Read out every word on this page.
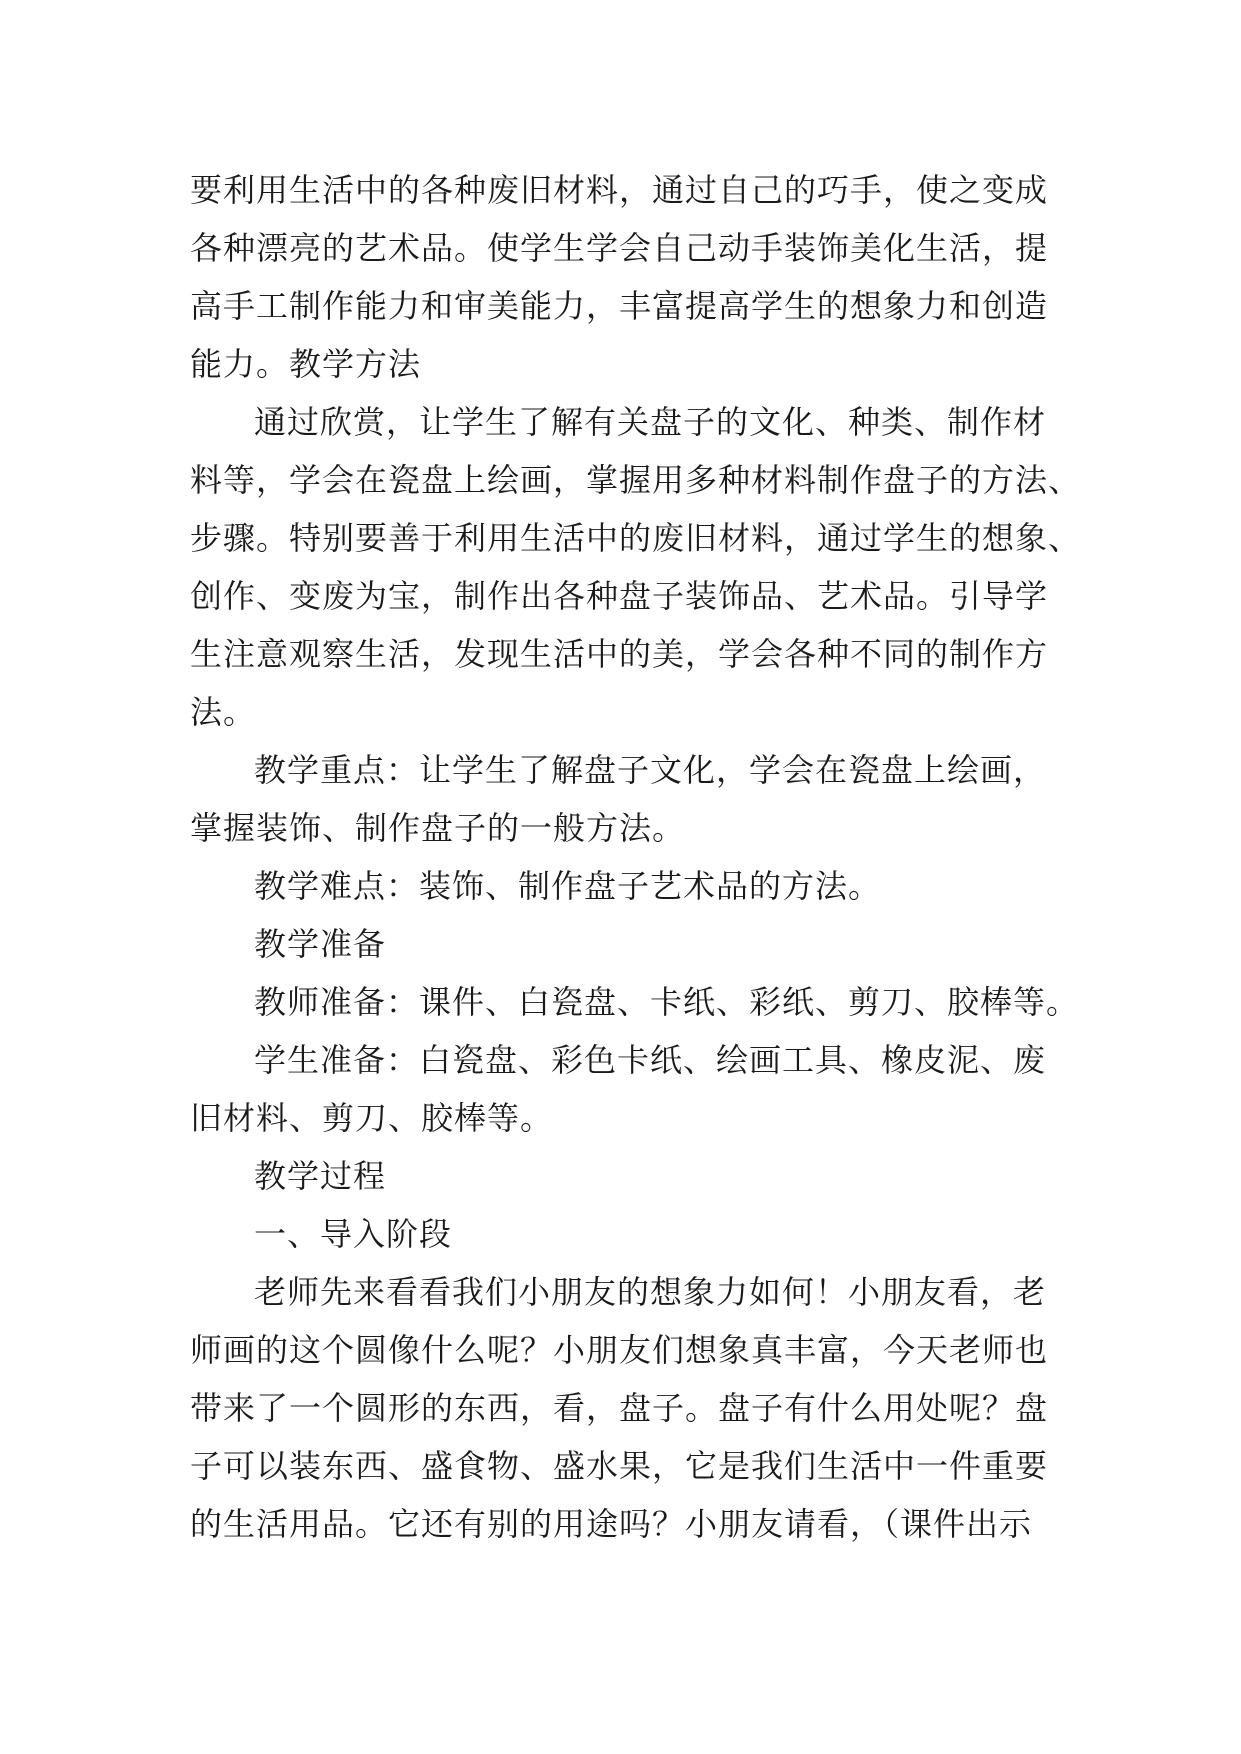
要利用生活中的各种废旧材料，通过自己的巧手，使之变成
各种漂亮的艺术品。使学生学会自己动手装饰美化生活，提
高手工制作能力和审美能力，丰富提高学生的想象力和创造
能力。教学方法
通过欣赏，让学生了解有关盘子的文化、种类、制作材
料等，学会在瓷盘上绘画，掌握用多种材料制作盘子的方法、
步骤。特别要善于利用生活中的废旧材料，通过学生的想象、
创作、变废为宝，制作出各种盘子装饰品、艺术品。引导学
生注意观察生活，发现生活中的美，学会各种不同的制作方
法。
教学重点：让学生了解盘子文化，学会在瓷盘上绘画，
掌握装饰、制作盘子的一般方法。
教学难点：装饰、制作盘子艺术品的方法。
教学准备
教师准备：课件、白瓷盘、卡纸、彩纸、剪刀、胶棒等。
学生准备：白瓷盘、彩色卡纸、绘画工具、橡皮泥、废
旧材料、剪刀、胶棒等。
教学过程
一、导入阶段
老师先来看看我们小朋友的想象力如何！小朋友看，老
师画的这个圆像什么呢？小朋友们想象真丰富，今天老师也
带来了一个圆形的东西，看，盘子。盘子有什么用处呢？盘
子可以装东西、盛食物、盛水果，它是我们生活中一件重要
的生活用品。它还有别的用途吗？小朋友请看，（课件出示
